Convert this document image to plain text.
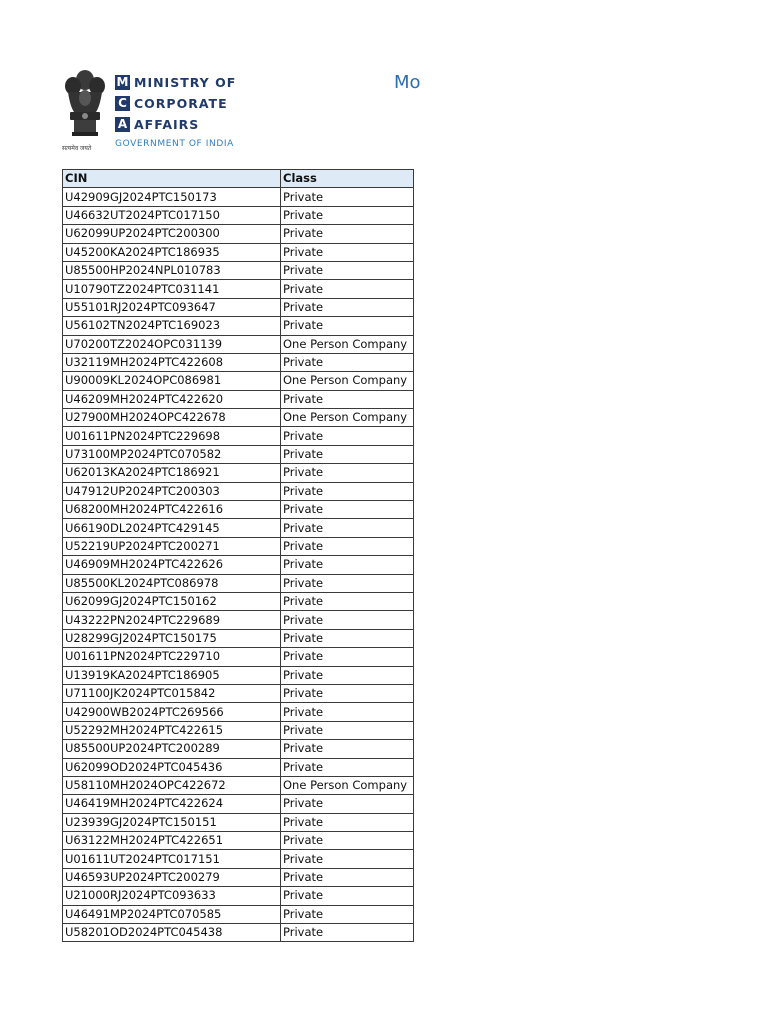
सत्यमेव जयते
M MINISTRY OF
C CORPORATE
A AFFAIRS
GOVERNMENT OF INDIA
Mo
CIN	Class
U42909GJ2024PTC150173	Private
U46632UT2024PTC017150	Private
U62099UP2024PTC200300	Private
U45200KA2024PTC186935	Private
U85500HP2024NPL010783	Private
U10790TZ2024PTC031141	Private
U55101RJ2024PTC093647	Private
U56102TN2024PTC169023	Private
U70200TZ2024OPC031139	One Person Company
U32119MH2024PTC422608	Private
U90009KL2024OPC086981	One Person Company
U46209MH2024PTC422620	Private
U27900MH2024OPC422678	One Person Company
U01611PN2024PTC229698	Private
U73100MP2024PTC070582	Private
U62013KA2024PTC186921	Private
U47912UP2024PTC200303	Private
U68200MH2024PTC422616	Private
U66190DL2024PTC429145	Private
U52219UP2024PTC200271	Private
U46909MH2024PTC422626	Private
U85500KL2024PTC086978	Private
U62099GJ2024PTC150162	Private
U43222PN2024PTC229689	Private
U28299GJ2024PTC150175	Private
U01611PN2024PTC229710	Private
U13919KA2024PTC186905	Private
U71100JK2024PTC015842	Private
U42900WB2024PTC269566	Private
U52292MH2024PTC422615	Private
U85500UP2024PTC200289	Private
U62099OD2024PTC045436	Private
U58110MH2024OPC422672	One Person Company
U46419MH2024PTC422624	Private
U23939GJ2024PTC150151	Private
U63122MH2024PTC422651	Private
U01611UT2024PTC017151	Private
U46593UP2024PTC200279	Private
U21000RJ2024PTC093633	Private
U46491MP2024PTC070585	Private
U58201OD2024PTC045438	Private
